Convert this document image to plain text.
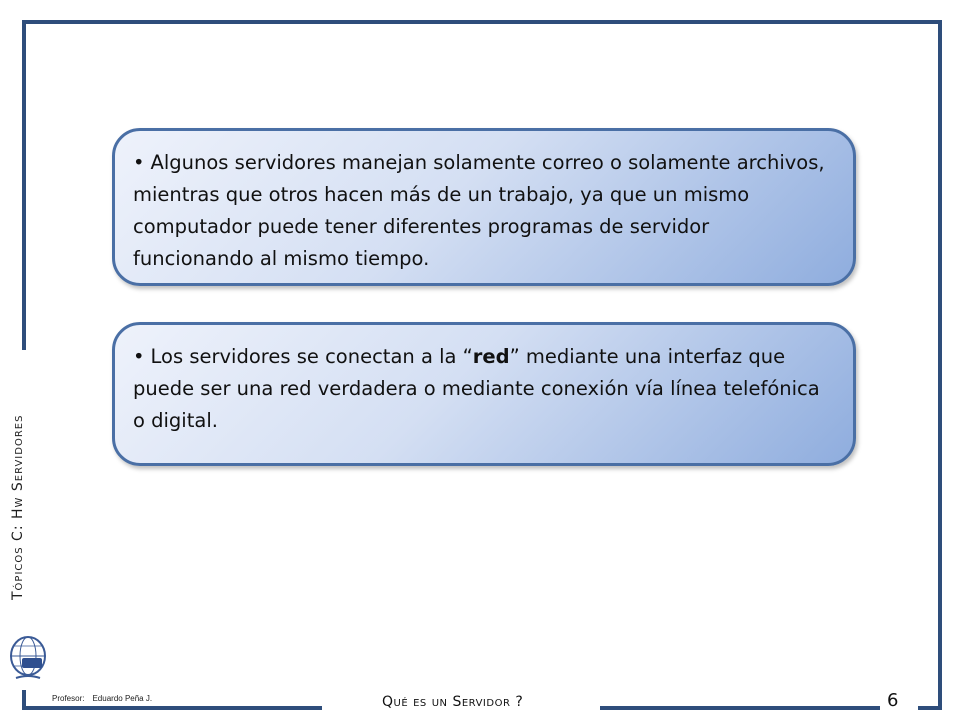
Tópicos C: Hw Servidores

• Algunos servidores manejan solamente correo o solamente archivos, mientras que otros hacen más de un trabajo, ya que un mismo computador puede tener diferentes programas de servidor funcionando al mismo tiempo.

• Los servidores se conectan a la “red” mediante una interfaz que puede ser una red verdadera o mediante conexión vía línea telefónica o digital.

Profesor: Eduardo Peña J.	Qué es un Servidor ?	6
